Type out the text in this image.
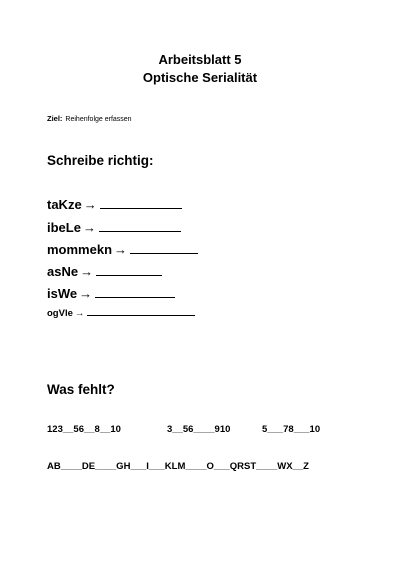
Arbeitsblatt 5
Optische Serialität
Ziel: Reihenfolge erfassen
Schreibe richtig:
taKze →
ibeLe →
mommekn →
asNe →
isWe →
ogVle →
Was fehlt?
123__56__8__10	3__56____910	5___78___10
AB____DE____GH___I___KLM____O___QRST____WX__Z
